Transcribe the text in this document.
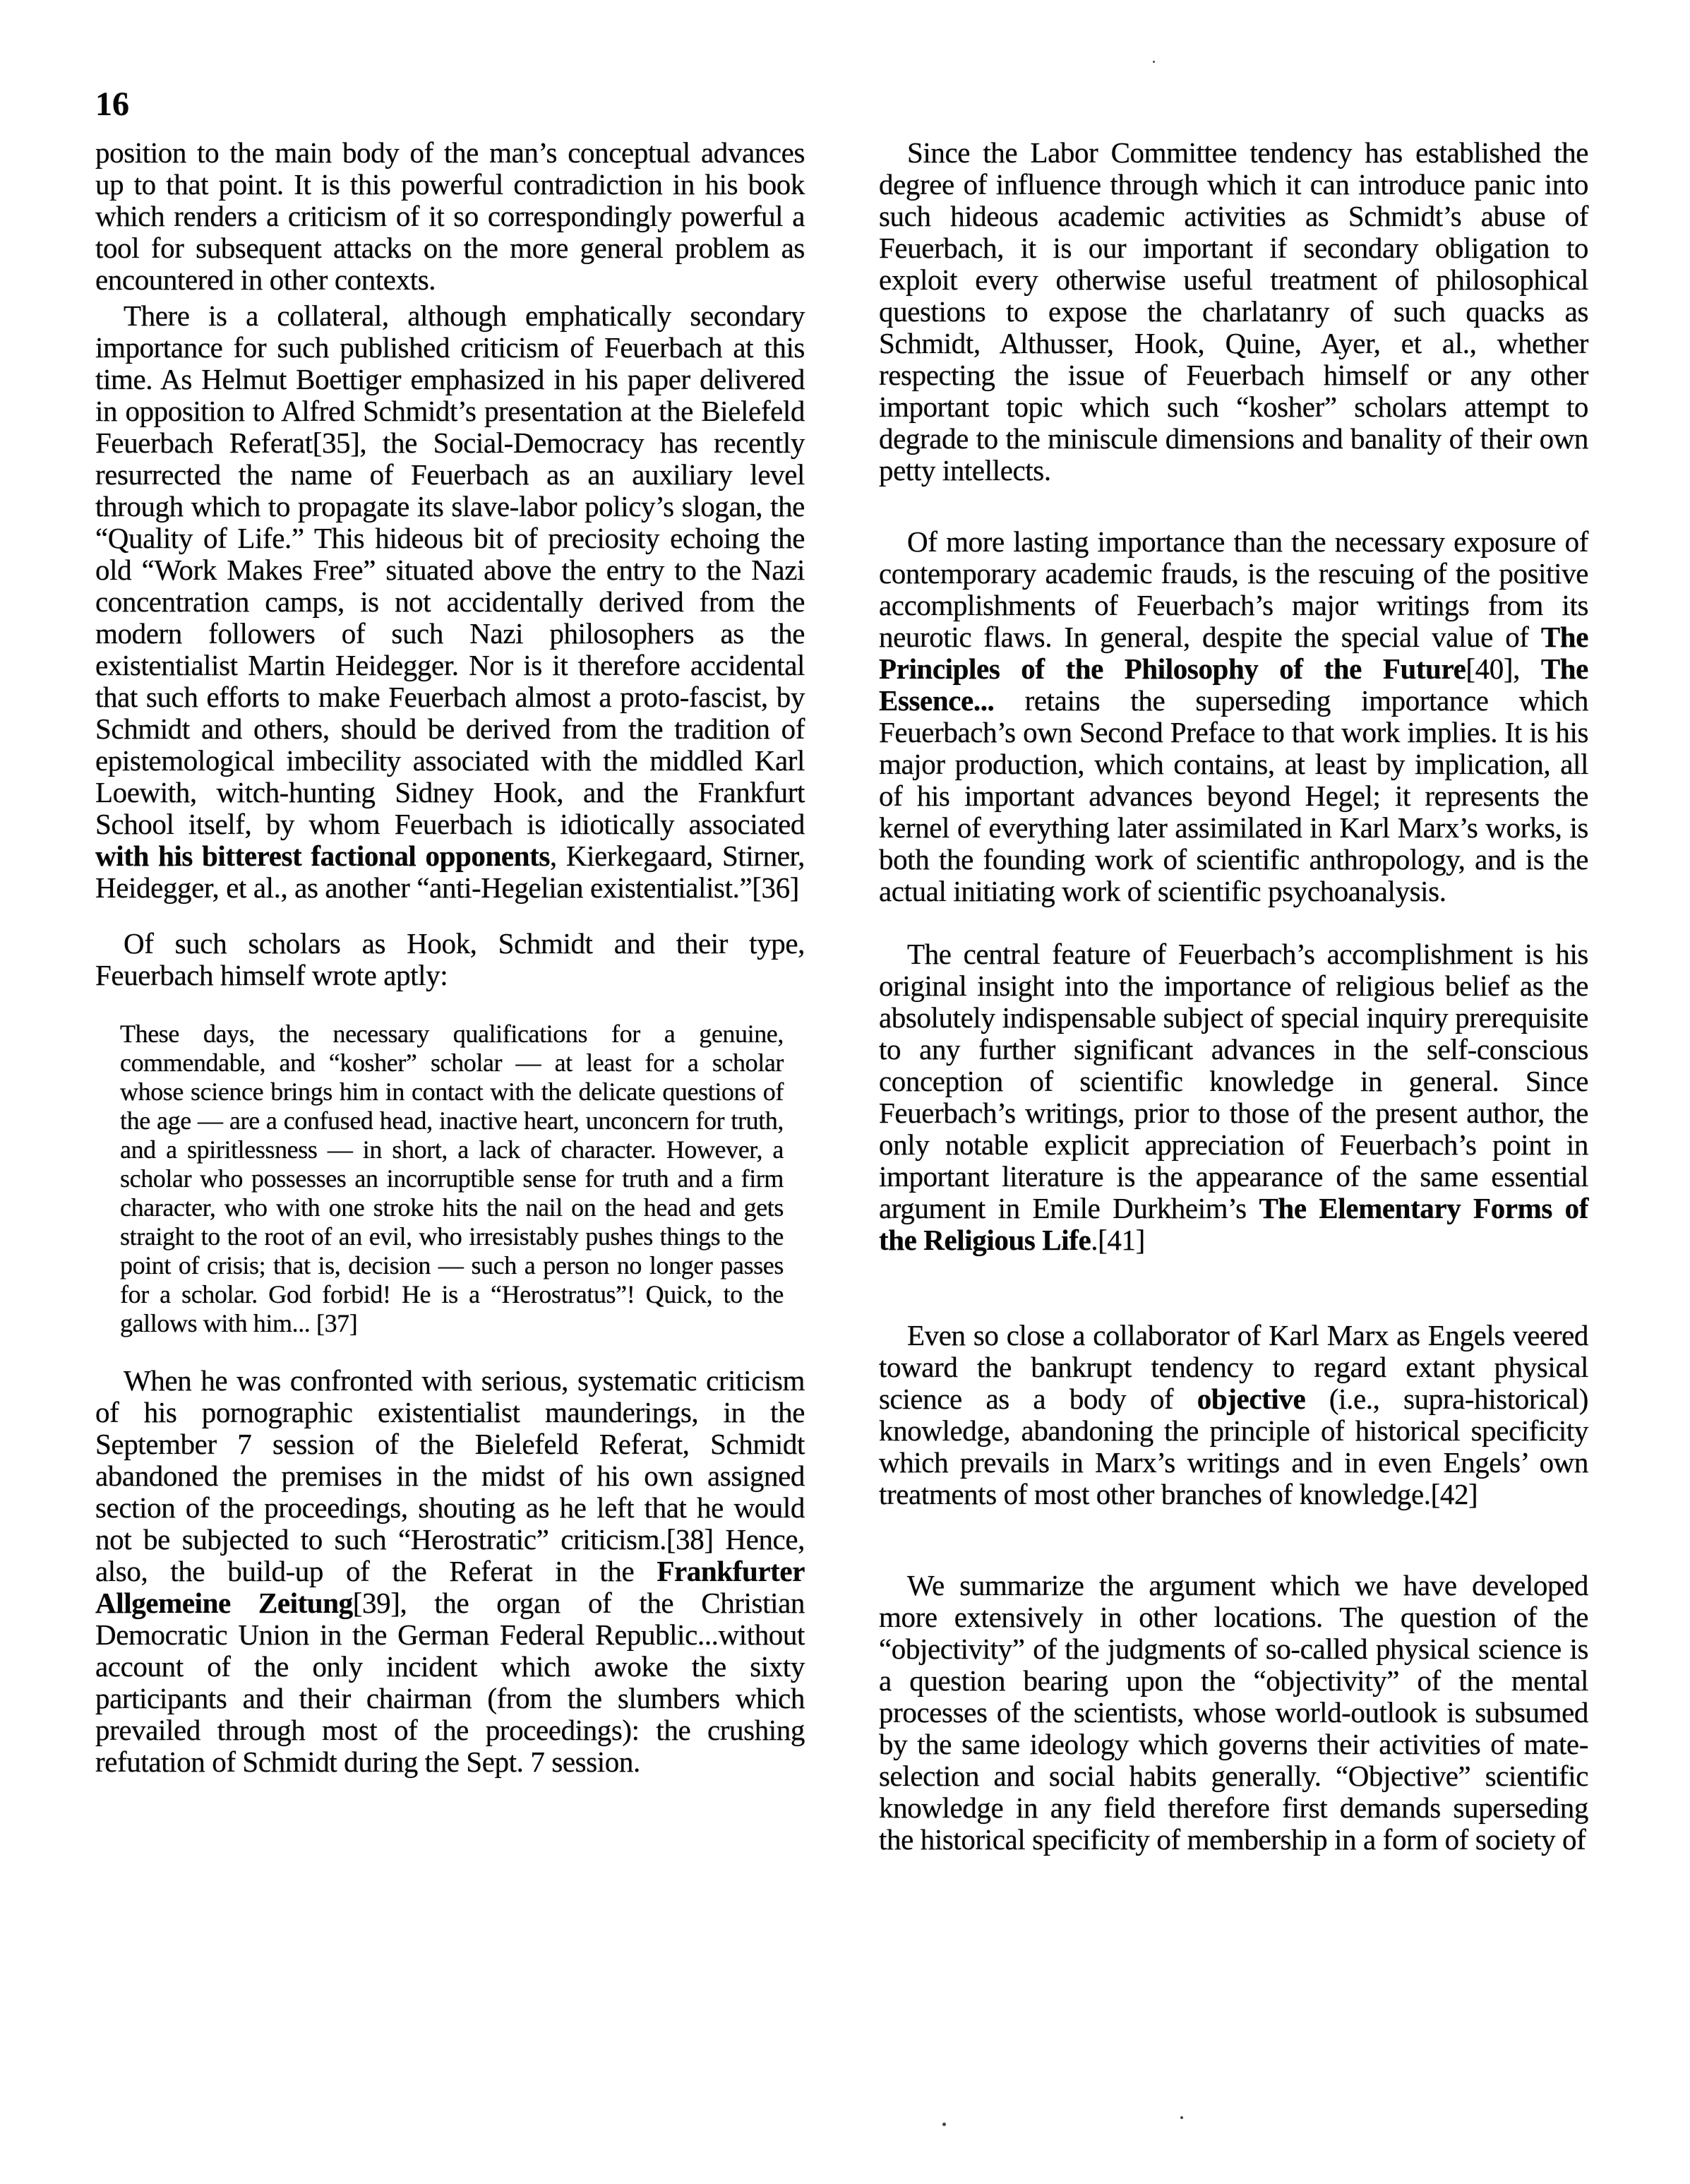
16

position to the main body of the man’s conceptual advances up to that point. It is this powerful contradiction in his book which renders a criticism of it so correspondingly powerful a tool for subsequent attacks on the more general problem as encountered in other contexts.

There is a collateral, although emphatically secondary importance for such published criticism of Feuerbach at this time. As Helmut Boettiger emphasized in his paper delivered in opposition to Alfred Schmidt’s presentation at the Bielefeld Feuerbach Referat[35], the Social-Democracy has recently resurrected the name of Feuerbach as an auxiliary level through which to propagate its slave-labor policy’s slogan, the “Quality of Life.” This hideous bit of preciosity echoing the old “Work Makes Free” situated above the entry to the Nazi concentration camps, is not accidentally derived from the modern followers of such Nazi philosophers as the existentialist Martin Heidegger. Nor is it therefore accidental that such efforts to make Feuerbach almost a proto-fascist, by Schmidt and others, should be derived from the tradition of epistemological imbecility associated with the middled Karl Loewith, witch-hunting Sidney Hook, and the Frankfurt School itself, by whom Feuerbach is idiotically associated with his bitterest factional opponents, Kierkegaard, Stirner, Heidegger, et al., as another “anti-Hegelian existentialist.”[36]

Of such scholars as Hook, Schmidt and their type, Feuerbach himself wrote aptly:

These days, the necessary qualifications for a genuine, commendable, and “kosher” scholar — at least for a scholar whose science brings him in contact with the delicate questions of the age — are a confused head, inactive heart, unconcern for truth, and a spiritlessness — in short, a lack of character. However, a scholar who possesses an incorruptible sense for truth and a firm character, who with one stroke hits the nail on the head and gets straight to the root of an evil, who irresistably pushes things to the point of crisis; that is, decision — such a person no longer passes for a scholar. God forbid! He is a “Herostratus”! Quick, to the gallows with him... [37]

When he was confronted with serious, systematic criticism of his pornographic existentialist maunderings, in the September 7 session of the Bielefeld Referat, Schmidt abandoned the premises in the midst of his own assigned section of the proceedings, shouting as he left that he would not be subjected to such “Herostratic” criticism.[38] Hence, also, the build-up of the Referat in the Frankfurter Allgemeine Zeitung[39], the organ of the Christian Democratic Union in the German Federal Republic...without account of the only incident which awoke the sixty participants and their chairman (from the slumbers which prevailed through most of the proceedings): the crushing refutation of Schmidt during the Sept. 7 session.

Since the Labor Committee tendency has established the degree of influence through which it can introduce panic into such hideous academic activities as Schmidt’s abuse of Feuerbach, it is our important if secondary obligation to exploit every otherwise useful treatment of philosophical questions to expose the charlatanry of such quacks as Schmidt, Althusser, Hook, Quine, Ayer, et al., whether respecting the issue of Feuerbach himself or any other important topic which such “kosher” scholars attempt to degrade to the miniscule dimensions and banality of their own petty intellects.

Of more lasting importance than the necessary exposure of contemporary academic frauds, is the rescuing of the positive accomplishments of Feuerbach’s major writings from its neurotic flaws. In general, despite the special value of The Principles of the Philosophy of the Future[40], The Essence... retains the superseding importance which Feuerbach’s own Second Preface to that work implies. It is his major production, which contains, at least by implication, all of his important advances beyond Hegel; it represents the kernel of everything later assimilated in Karl Marx’s works, is both the founding work of scientific anthropology, and is the actual initiating work of scientific psychoanalysis.

The central feature of Feuerbach’s accomplishment is his original insight into the importance of religious belief as the absolutely indispensable subject of special inquiry prerequisite to any further significant advances in the self-conscious conception of scientific knowledge in general. Since Feuerbach’s writings, prior to those of the present author, the only notable explicit appreciation of Feuerbach’s point in important literature is the appearance of the same essential argument in Emile Durkheim’s The Elementary Forms of the Religious Life.[41]

Even so close a collaborator of Karl Marx as Engels veered toward the bankrupt tendency to regard extant physical science as a body of objective (i.e., supra-historical) knowledge, abandoning the principle of historical specificity which prevails in Marx’s writings and in even Engels’ own treatments of most other branches of knowledge.[42]

We summarize the argument which we have developed more extensively in other locations. The question of the “objectivity” of the judgments of so-called physical science is a question bearing upon the “objectivity” of the mental processes of the scientists, whose world-outlook is subsumed by the same ideology which governs their activities of mate-selection and social habits generally. “Objective” scientific knowledge in any field therefore first demands superseding the historical specificity of membership in a form of society of
